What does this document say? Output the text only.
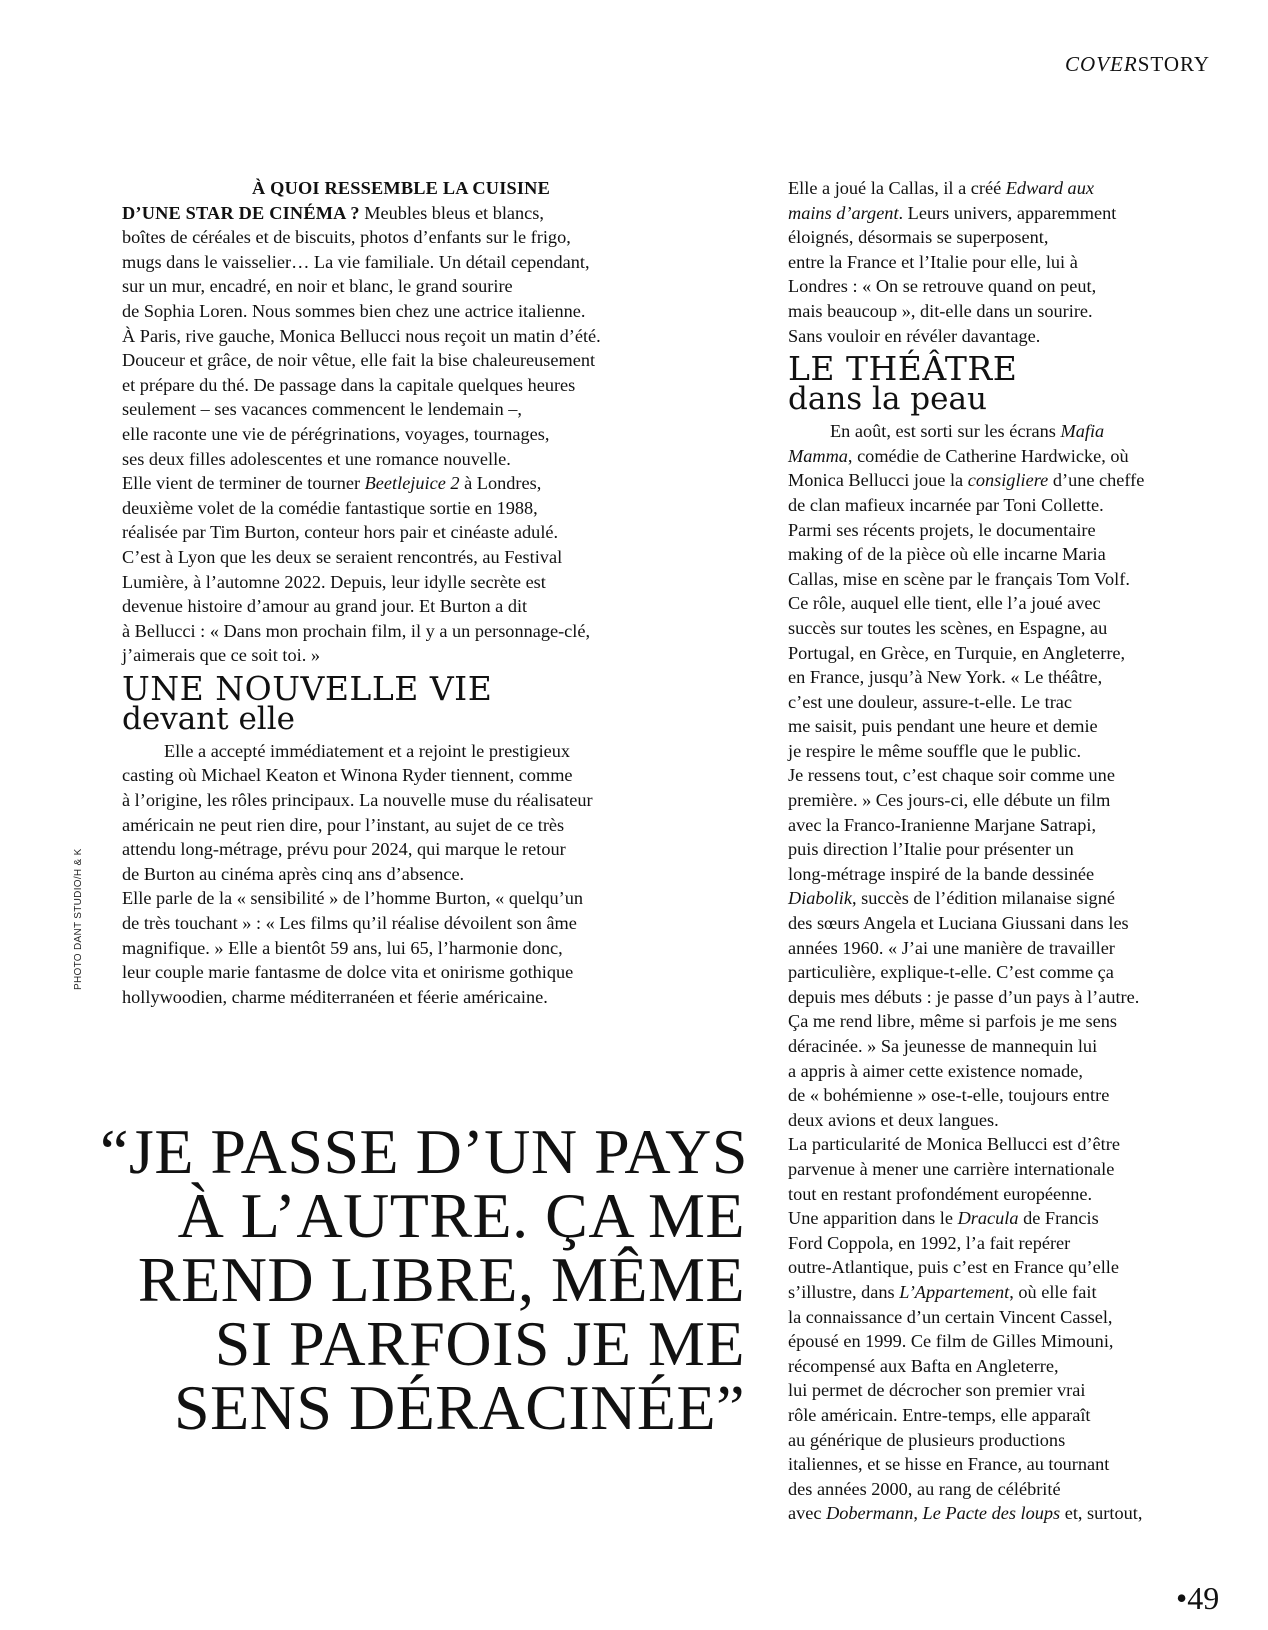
COVERSTORY
PHOTO DANT STUDIO/H & K
À QUOI RESSEMBLE LA CUISINE
D’UNE STAR DE CINÉMA ? Meubles bleus et blancs,
boîtes de céréales et de biscuits, photos d’enfants sur le frigo,
mugs dans le vaisselier… La vie familiale. Un détail cependant,
sur un mur, encadré, en noir et blanc, le grand sourire
de Sophia Loren. Nous sommes bien chez une actrice italienne.
À Paris, rive gauche, Monica Bellucci nous reçoit un matin d’été.
Douceur et grâce, de noir vêtue, elle fait la bise chaleureusement
et prépare du thé. De passage dans la capitale quelques heures
seulement – ses vacances commencent le lendemain –,
elle raconte une vie de pérégrinations, voyages, tournages,
ses deux filles adolescentes et une romance nouvelle.
Elle vient de terminer de tourner Beetlejuice 2 à Londres,
deuxième volet de la comédie fantastique sortie en 1988,
réalisée par Tim Burton, conteur hors pair et cinéaste adulé.
C’est à Lyon que les deux se seraient rencontrés, au Festival
Lumière, à l’automne 2022. Depuis, leur idylle secrète est
devenue histoire d’amour au grand jour. Et Burton a dit
à Bellucci : « Dans mon prochain film, il y a un personnage-clé,
j’aimerais que ce soit toi. »
UNE NOUVELLE VIE
devant elle
Elle a accepté immédiatement et a rejoint le prestigieux
casting où Michael Keaton et Winona Ryder tiennent, comme
à l’origine, les rôles principaux. La nouvelle muse du réalisateur
américain ne peut rien dire, pour l’instant, au sujet de ce très
attendu long-métrage, prévu pour 2024, qui marque le retour
de Burton au cinéma après cinq ans d’absence.
Elle parle de la « sensibilité » de l’homme Burton, « quelqu’un
de très touchant » : « Les films qu’il réalise dévoilent son âme
magnifique. » Elle a bientôt 59 ans, lui 65, l’harmonie donc,
leur couple marie fantasme de dolce vita et onirisme gothique
hollywoodien, charme méditerranéen et féerie américaine.
“JE PASSE D’UN PAYS
À L’AUTRE. ÇA ME
REND LIBRE, MÊME
SI PARFOIS JE ME
SENS DÉRACINÉE”
Elle a joué la Callas, il a créé Edward aux
mains d’argent. Leurs univers, apparemment
éloignés, désormais se superposent,
entre la France et l’Italie pour elle, lui à
Londres : « On se retrouve quand on peut,
mais beaucoup », dit-elle dans un sourire.
Sans vouloir en révéler davantage.
LE THÉÂTRE
dans la peau
En août, est sorti sur les écrans Mafia
Mamma, comédie de Catherine Hardwicke, où
Monica Bellucci joue la consigliere d’une cheffe
de clan mafieux incarnée par Toni Collette.
Parmi ses récents projets, le documentaire
making of de la pièce où elle incarne Maria
Callas, mise en scène par le français Tom Volf.
Ce rôle, auquel elle tient, elle l’a joué avec
succès sur toutes les scènes, en Espagne, au
Portugal, en Grèce, en Turquie, en Angleterre,
en France, jusqu’à New York. « Le théâtre,
c’est une douleur, assure-t-elle. Le trac
me saisit, puis pendant une heure et demie
je respire le même souffle que le public.
Je ressens tout, c’est chaque soir comme une
première. » Ces jours-ci, elle débute un film
avec la Franco-Iranienne Marjane Satrapi,
puis direction l’Italie pour présenter un
long-métrage inspiré de la bande dessinée
Diabolik, succès de l’édition milanaise signé
des sœurs Angela et Luciana Giussani dans les
années 1960. « J’ai une manière de travailler
particulière, explique-t-elle. C’est comme ça
depuis mes débuts : je passe d’un pays à l’autre.
Ça me rend libre, même si parfois je me sens
déracinée. » Sa jeunesse de mannequin lui
a appris à aimer cette existence nomade,
de « bohémienne » ose-t-elle, toujours entre
deux avions et deux langues.
La particularité de Monica Bellucci est d’être
parvenue à mener une carrière internationale
tout en restant profondément européenne.
Une apparition dans le Dracula de Francis
Ford Coppola, en 1992, l’a fait repérer
outre-Atlantique, puis c’est en France qu’elle
s’illustre, dans L’Appartement, où elle fait
la connaissance d’un certain Vincent Cassel,
épousé en 1999. Ce film de Gilles Mimouni,
récompensé aux Bafta en Angleterre,
lui permet de décrocher son premier vrai
rôle américain. Entre-temps, elle apparaît
au générique de plusieurs productions
italiennes, et se hisse en France, au tournant
des années 2000, au rang de célébrité
avec Dobermann, Le Pacte des loups et, surtout,
•49
